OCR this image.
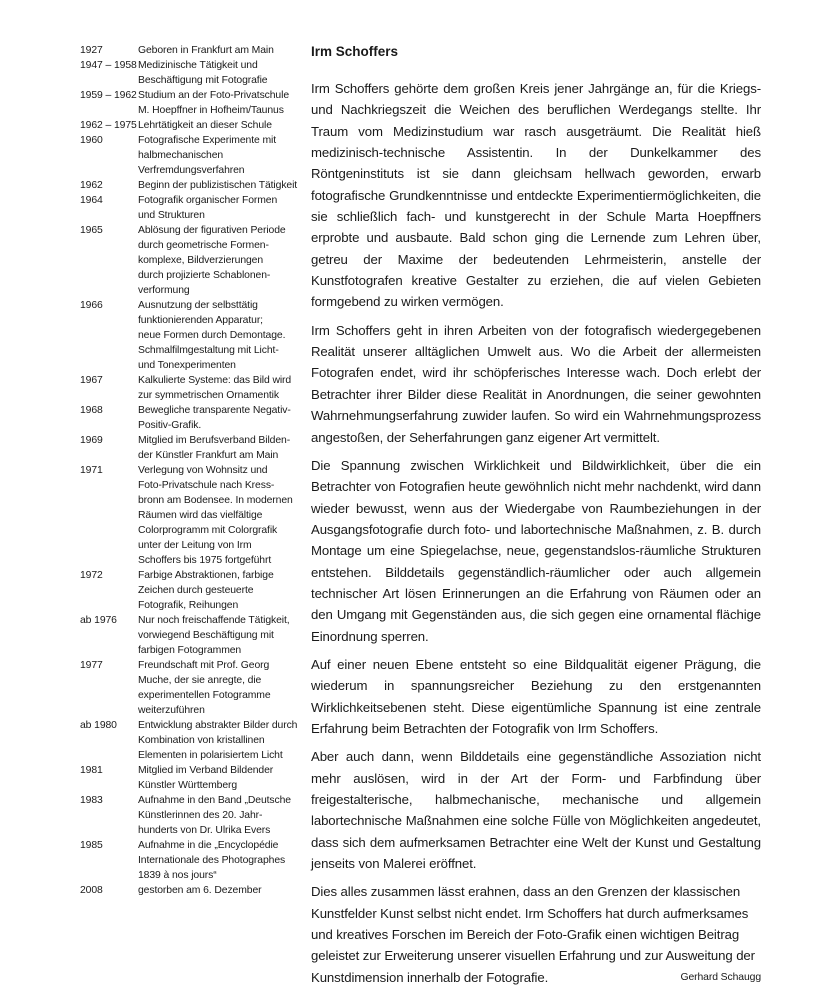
1927	Geboren in Frankfurt am Main
1947 – 1958 Medizinische Tätigkeit und
Beschäftigung mit Fotografie
1959 – 1962 Studium an der Foto-Privatschule
M. Hoepffner in Hofheim/Taunus
1962 – 1975 Lehrtätigkeit an dieser Schule
1960	Fotografische Experimente mit
halbmechanischen
Verfremdungsverfahren
1962	Beginn der publizistischen Tätigkeit
1964	Fotografik organischer Formen
und Strukturen
1965	Ablösung der figurativen Periode
durch geometrische Formen-
komplexe, Bildverzierungen
durch projizierte Schablonen-
verformung
1966	Ausnutzung der selbsttätig
funktionierenden Apparatur;
neue Formen durch Demontage.
Schmalfilmgestaltung mit Licht-
und Tonexperimenten
1967	Kalkulierte Systeme: das Bild wird
zur symmetrischen Ornamentik
1968	Bewegliche transparente Negativ-
Positiv-Grafik.
1969	Mitglied im Berufsverband Bilden-
der Künstler Frankfurt am Main
1971	Verlegung von Wohnsitz und
Foto-Privatschule nach Kress-
bronn am Bodensee. In modernen
Räumen wird das vielfältige
Colorprogramm mit Colorgrafik
unter der Leitung von Irm
Schoffers bis 1975 fortgeführt
1972	Farbige Abstraktionen, farbige
Zeichen durch gesteuerte
Fotografik, Reihungen
ab 1976	Nur noch freischaffende Tätigkeit,
vorwiegend Beschäftigung mit
farbigen Fotogrammen
1977	Freundschaft mit Prof. Georg
Muche, der sie anregte, die
experimentellen Fotogramme
weiterzuführen
ab 1980	Entwicklung abstrakter Bilder durch
Kombination von kristallinen
Elementen in polarisiertem Licht
1981	Mitglied im Verband Bildender
Künstler Württemberg
1983	Aufnahme in den Band „Deutsche
Künstlerinnen des 20. Jahr-
hunderts von Dr. Ulrika Evers
1985	Aufnahme in die „Encyclopédie
Internationale des Photographes
1839 à nos jours“
2008	gestorben am 6. Dezember
Irm Schoffers

Irm Schoffers gehörte dem großen Kreis jener Jahrgänge an, für die Kriegs- und Nachkriegszeit die Weichen des beruflichen Werdegangs stellte. Ihr Traum vom Medizinstudium war rasch ausgeträumt. Die Realität hieß medizinisch-technische Assistentin. In der Dunkelkammer des Röntgeninstituts ist sie dann gleichsam hellwach geworden, erwarb fotografische Grundkenntnisse und entdeckte Experimentiermöglichkeiten, die sie schließlich fach- und kunstgerecht in der Schule Marta Hoepffners erprobte und ausbaute. Bald schon ging die Lernende zum Lehren über, getreu der Maxime der bedeutenden Lehrmeisterin, anstelle der Kunstfotografen kreative Gestalter zu erziehen, die auf vielen Gebieten formgebend zu wirken vermögen.

Irm Schoffers geht in ihren Arbeiten von der fotografisch wiedergegebenen Realität unserer alltäglichen Umwelt aus. Wo die Arbeit der allermeisten Fotografen endet, wird ihr schöpferisches Interesse wach. Doch erlebt der Betrachter ihrer Bilder diese Realität in Anordnungen, die seiner gewohnten Wahrnehmungserfahrung zuwider laufen. So wird ein Wahrnehmungsprozess angestoßen, der Seherfahrungen ganz eigener Art vermittelt.

Die Spannung zwischen Wirklichkeit und Bildwirklichkeit, über die ein Betrachter von Fotografien heute gewöhnlich nicht mehr nachdenkt, wird dann wieder bewusst, wenn aus der Wiedergabe von Raumbeziehungen in der Ausgangsfotografie durch foto- und labortechnische Maßnahmen, z. B. durch Montage um eine Spiegelachse, neue, gegenstandslos-räumliche Strukturen entstehen. Bilddetails gegenständlich-räumlicher oder auch allgemein technischer Art lösen Erinnerungen an die Erfahrung von Räumen oder an den Umgang mit Gegenständen aus, die sich gegen eine ornamental flächige Einordnung sperren.

Auf einer neuen Ebene entsteht so eine Bildqualität eigener Prägung, die wiederum in spannungsreicher Beziehung zu den erstgenannten Wirklichkeitsebenen steht. Diese eigentümliche Spannung ist eine zentrale Erfahrung beim Betrachten der Fotografik von Irm Schoffers.

Aber auch dann, wenn Bilddetails eine gegenständliche Assoziation nicht mehr auslösen, wird in der Art der Form- und Farbfindung über freigestalterische, halbmechanische, mechanische und allgemein labortechnische Maßnahmen eine solche Fülle von Möglichkeiten angedeutet, dass sich dem aufmerksamen Betrachter eine Welt der Kunst und Gestaltung jenseits von Malerei eröffnet.

Dies alles zusammen lässt erahnen, dass an den Grenzen der klassischen Kunstfelder Kunst selbst nicht endet. Irm Schoffers hat durch aufmerksames und kreatives Forschen im Bereich der Foto-Grafik einen wichtigen Beitrag geleistet zur Erweiterung unserer visuellen Erfahrung und zur Ausweitung der Kunstdimension innerhalb der Fotografie.	Gerhard Schaugg
